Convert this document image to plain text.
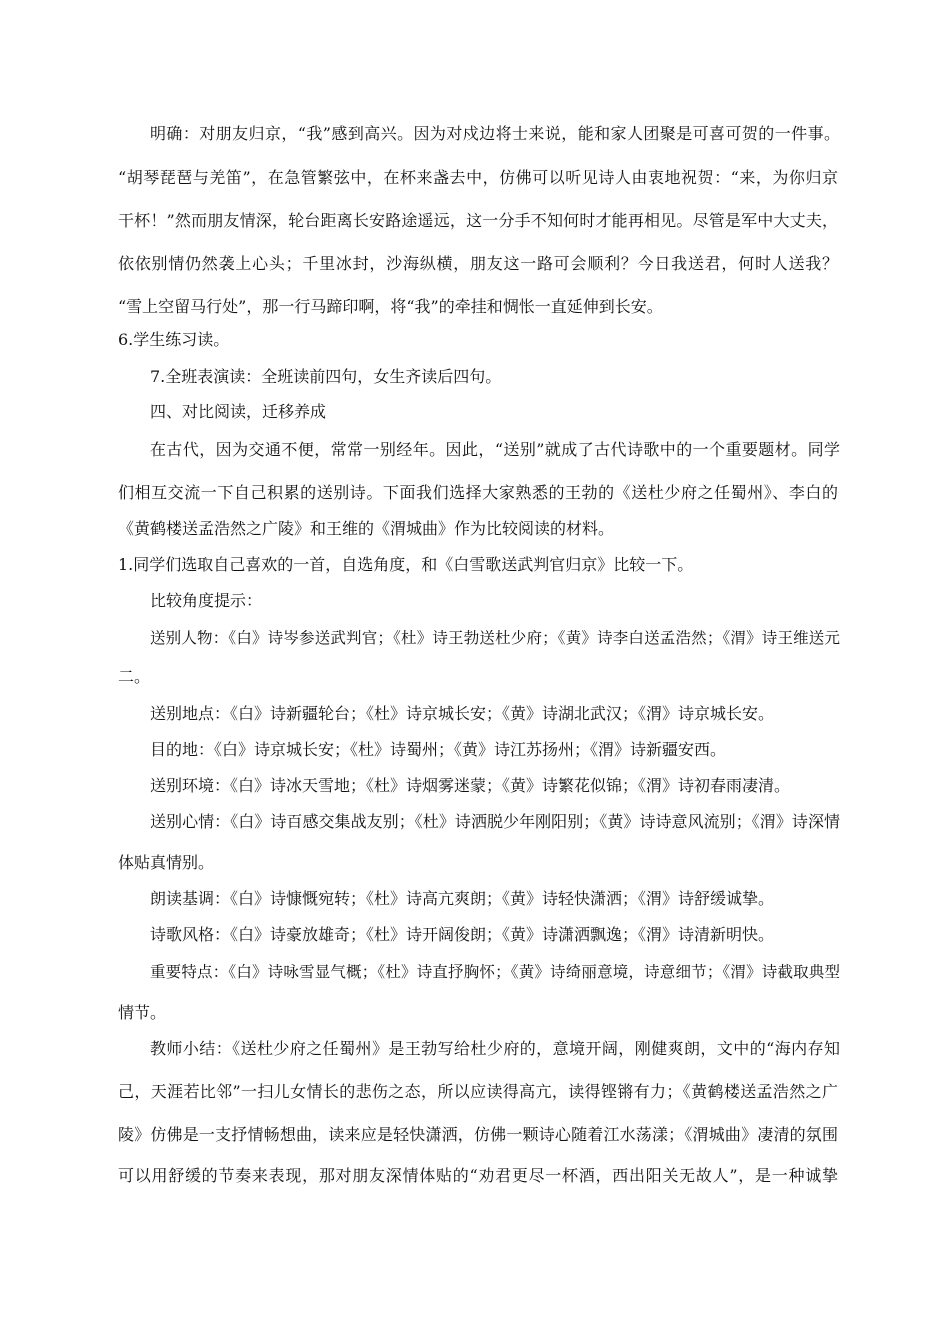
明确：对朋友归京，“我”感到高兴。因为对戍边将士来说，能和家人团聚是可喜可贺的一件事。
“胡琴琵琶与羌笛”，在急管繁弦中，在杯来盏去中，仿佛可以听见诗人由衷地祝贺：“来，为你归京
干杯！”然而朋友情深，轮台距离长安路途遥远，这一分手不知何时才能再相见。尽管是军中大丈夫，
依依别情仍然袭上心头；千里冰封，沙海纵横，朋友这一路可会顺利？今日我送君，何时人送我？
“雪上空留马行处”，那一行马蹄印啊，将“我”的牵挂和惆怅一直延伸到长安。
6.学生练习读。
7.全班表演读：全班读前四句，女生齐读后四句。
四、对比阅读，迁移养成
在古代，因为交通不便，常常一别经年。因此，“送别”就成了古代诗歌中的一个重要题材。同学
们相互交流一下自己积累的送别诗。下面我们选择大家熟悉的王勃的《送杜少府之任蜀州》、李白的
《黄鹤楼送孟浩然之广陵》和王维的《渭城曲》作为比较阅读的材料。
1.同学们选取自己喜欢的一首，自选角度，和《白雪歌送武判官归京》比较一下。
比较角度提示：
送别人物：《白》诗岑参送武判官；《杜》诗王勃送杜少府；《黄》诗李白送孟浩然；《渭》诗王维送元
二。
送别地点：《白》诗新疆轮台；《杜》诗京城长安；《黄》诗湖北武汉；《渭》诗京城长安。
目的地：《白》诗京城长安；《杜》诗蜀州；《黄》诗江苏扬州；《渭》诗新疆安西。
送别环境：《白》诗冰天雪地；《杜》诗烟雾迷蒙；《黄》诗繁花似锦；《渭》诗初春雨凄清。
送别心情：《白》诗百感交集战友别；《杜》诗洒脱少年刚阳别；《黄》诗诗意风流别；《渭》诗深情
体贴真情别。
朗读基调：《白》诗慷慨宛转；《杜》诗高亢爽朗；《黄》诗轻快潇洒；《渭》诗舒缓诚挚。
诗歌风格：《白》诗豪放雄奇；《杜》诗开阔俊朗；《黄》诗潇洒飘逸；《渭》诗清新明快。
重要特点：《白》诗咏雪显气概；《杜》诗直抒胸怀；《黄》诗绮丽意境，诗意细节；《渭》诗截取典型
情节。
教师小结：《送杜少府之任蜀州》是王勃写给杜少府的，意境开阔，刚健爽朗，文中的“海内存知
己，天涯若比邻”一扫儿女情长的悲伤之态，所以应读得高亢，读得铿锵有力；《黄鹤楼送孟浩然之广
陵》仿佛是一支抒情畅想曲，读来应是轻快潇洒，仿佛一颗诗心随着江水荡漾；《渭城曲》凄清的氛围
可以用舒缓的节奏来表现，那对朋友深情体贴的“劝君更尽一杯酒，西出阳关无故人”，是一种诚挚
